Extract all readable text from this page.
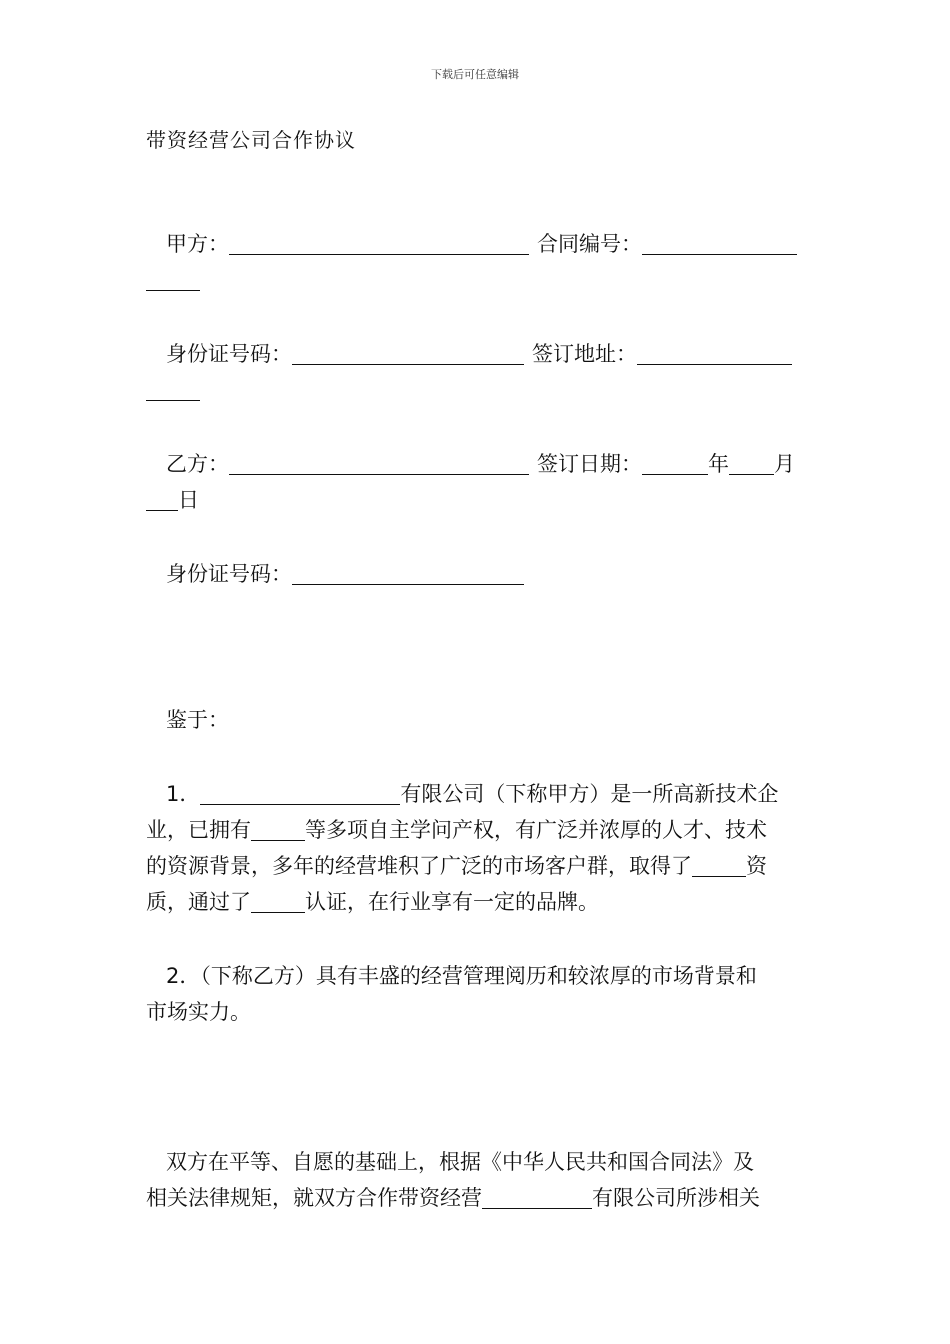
下载后可任意编辑
带资经营公司合作协议
甲方：	合同编号：
身份证号码：	签订地址：
乙方：	签订日期：	年 月
日
身份证号码：
鉴于：
1．	有限公司（下称甲方）是一所高新技术企
业，已拥有	等多项自主学问产权，有广泛并浓厚的人才、技术
的资源背景，多年的经营堆积了广泛的市场客户群，取得了	资
质，通过了	认证，在行业享有一定的品牌。
2．（下称乙方）具有丰盛的经营管理阅历和较浓厚的市场背景和
市场实力。
双方在平等、自愿的基础上，根据《中华人民共和国合同法》及
相关法律规矩，就双方合作带资经营	有限公司所涉相关
